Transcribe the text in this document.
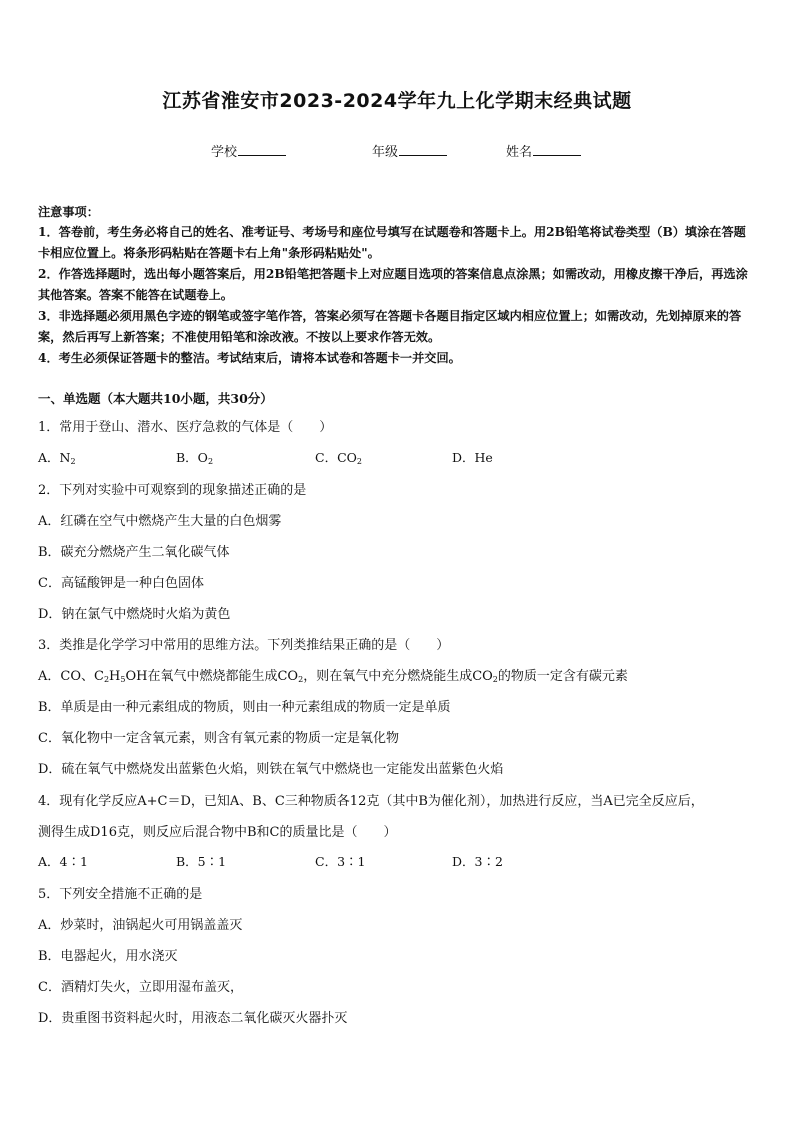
江苏省淮安市2023-2024学年九上化学期末经典试题
学校	年级	姓名
注意事项：
1．答卷前，考生务必将自己的姓名、准考证号、考场号和座位号填写在试题卷和答题卡上。用2B铅笔将试卷类型（B）填涂在答题卡相应位置上。将条形码粘贴在答题卡右上角"条形码粘贴处"。
2．作答选择题时，选出每小题答案后，用2B铅笔把答题卡上对应题目选项的答案信息点涂黑；如需改动，用橡皮擦干净后，再选涂其他答案。答案不能答在试题卷上。
3．非选择题必须用黑色字迹的钢笔或签字笔作答，答案必须写在答题卡各题目指定区域内相应位置上；如需改动，先划掉原来的答案，然后再写上新答案；不准使用铅笔和涂改液。不按以上要求作答无效。
4．考生必须保证答题卡的整洁。考试结束后，请将本试卷和答题卡一并交回。
一、单选题（本大题共10小题，共30分）
1．常用于登山、潜水、医疗急救的气体是（　　）
A．$N_2$	B．$O_2$	C．$CO_2$	D．He
2．下列对实验中可观察到的现象描述正确的是
A．红磷在空气中燃烧产生大量的白色烟雾
B．碳充分燃烧产生二氧化碳气体
C．高锰酸钾是一种白色固体
D．钠在氯气中燃烧时火焰为黄色
3．类推是化学学习中常用的思维方法。下列类推结果正确的是（　　）
A．CO、$C_2H_5OH$在氧气中燃烧都能生成$CO_2$，则在氧气中充分燃烧能生成$CO_2$的物质一定含有碳元素
B．单质是由一种元素组成的物质，则由一种元素组成的物质一定是单质
C．氧化物中一定含氧元素，则含有氧元素的物质一定是氧化物
D．硫在氧气中燃烧发出蓝紫色火焰，则铁在氧气中燃烧也一定能发出蓝紫色火焰
4．现有化学反应A+C＝D，已知A、B、C三种物质各12克（其中B为催化剂），加热进行反应，当A已完全反应后，
测得生成D16克，则反应后混合物中B和C的质量比是（　　）
A．4∶1	B．5∶1	C．3∶1	D．3∶2
5．下列安全措施不正确的是
A．炒菜时，油锅起火可用锅盖盖灭
B．电器起火，用水浇灭
C．酒精灯失火，立即用湿布盖灭，
D．贵重图书资料起火时，用液态二氧化碳灭火器扑灭
